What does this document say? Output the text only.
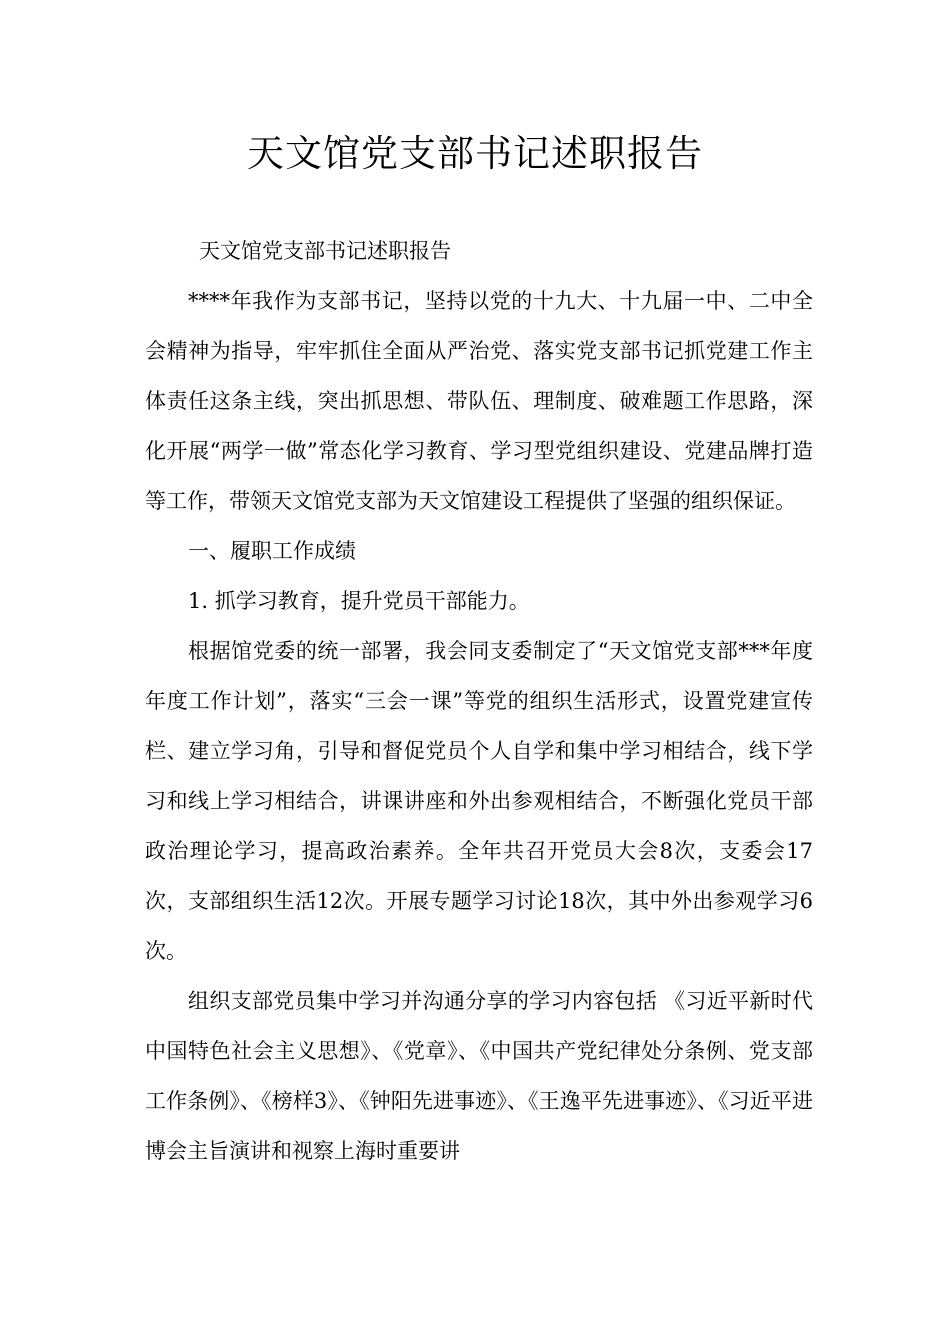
天文馆党支部书记述职报告

天文馆党支部书记述职报告

****年我作为支部书记，坚持以党的十九大、十九届一中、二中全会精神为指导，牢牢抓住全面从严治党、落实党支部书记抓党建工作主体责任这条主线，突出抓思想、带队伍、理制度、破难题工作思路，深化开展“两学一做”常态化学习教育、学习型党组织建设、党建品牌打造等工作，带领天文馆党支部为天文馆建设工程提供了坚强的组织保证。

一、履职工作成绩

1. 抓学习教育，提升党员干部能力。

根据馆党委的统一部署，我会同支委制定了“天文馆党支部***年度年度工作计划”，落实“三会一课”等党的组织生活形式，设置党建宣传栏、建立学习角，引导和督促党员个人自学和集中学习相结合，线下学习和线上学习相结合，讲课讲座和外出参观相结合，不断强化党员干部政治理论学习，提高政治素养。全年共召开党员大会8次，支委会17次，支部组织生活12次。开展专题学习讨论18次，其中外出参观学习6次。

组织支部党员集中学习并沟通分享的学习内容包括 《习近平新时代中国特色社会主义思想》、《党章》、《中国共产党纪律处分条例、党支部工作条例》、《榜样3》、《钟阳先进事迹》、《王逸平先进事迹》、《习近平进博会主旨演讲和视察上海时重要讲
